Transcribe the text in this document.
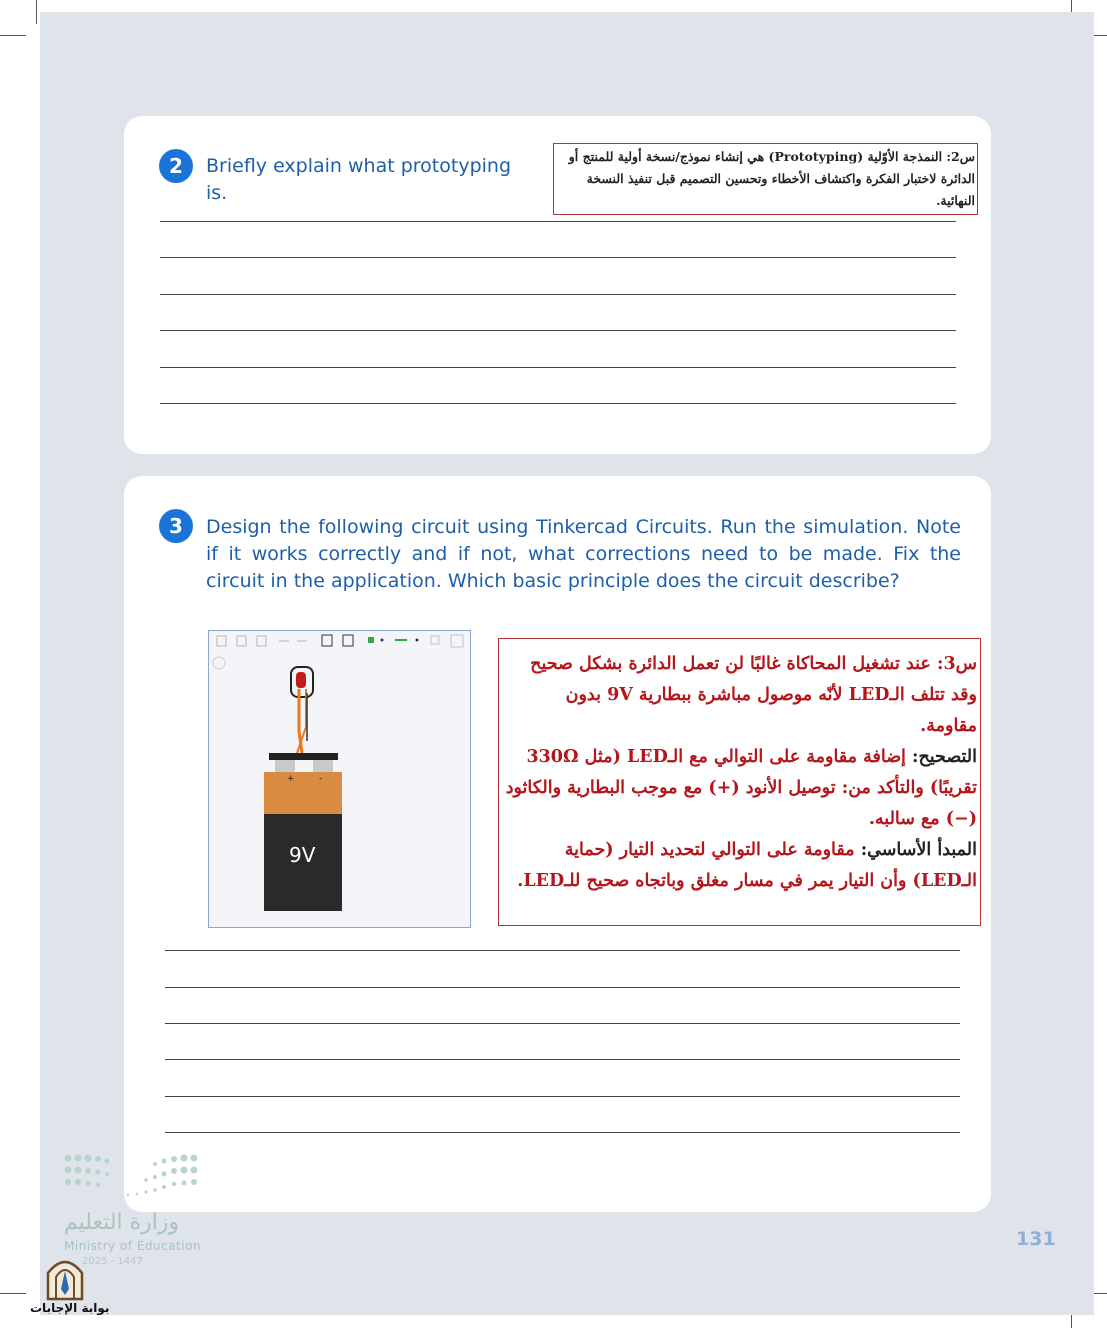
2	Briefly explain what prototyping is.
س2: النمذجة الأوّلية (Prototyping) هي إنشاء نموذج/نسخة أولية للمنتج أو الدائرة لاختبار الفكرة واكتشاف الأخطاء وتحسين التصميم قبل تنفيذ النسخة النهائية.
3	Design the following circuit using Tinkercad Circuits. Run the simulation. Note if it works correctly and if not, what corrections need to be made. Fix the circuit in the application. Which basic principle does the circuit describe?
+	-
9V
س3: عند تشغيل المحاكاة غالبًا لن تعمل الدائرة بشكل صحيح وقد تتلف الـLED لأنّه موصول مباشرة ببطارية 9V بدون مقاومة.
التصحيح: إضافة مقاومة على التوالي مع الـLED (مثل 330Ω تقريبًا) والتأكد من: توصيل الأنود (+) مع موجب البطارية والكاثود (−) مع سالبه.
المبدأ الأساسي: مقاومة على التوالي لتحديد التيار (حماية الـLED) وأن التيار يمر في مسار مغلق وباتجاه صحيح للـLED.
وزارة التعليم
Ministry of Education
2025 - 1447
131
بوابة الإجابات
